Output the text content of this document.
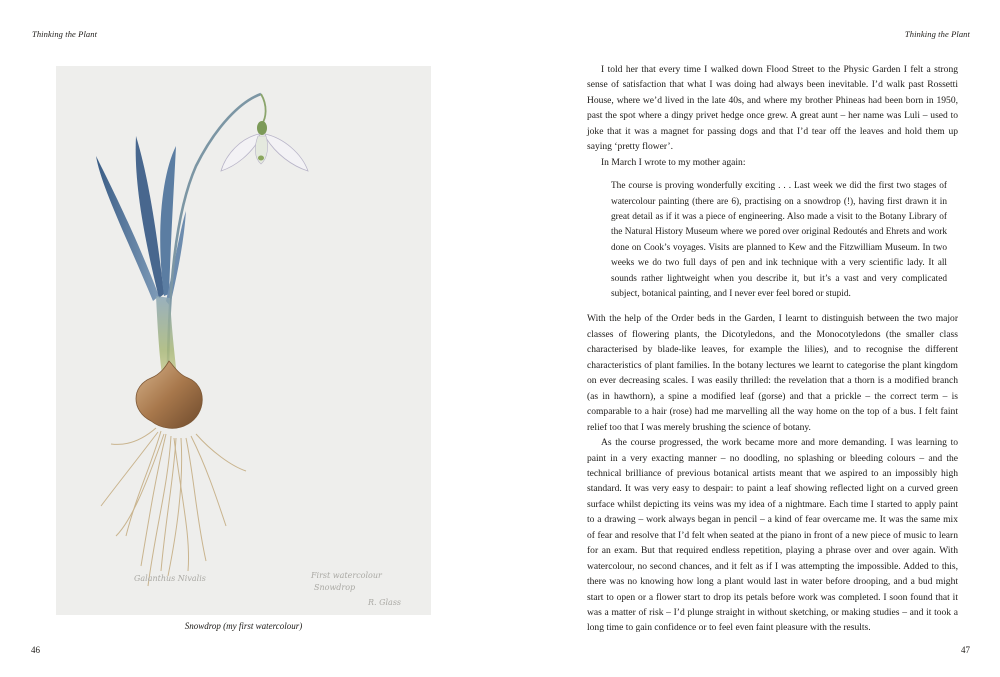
Thinking the Plant
Galanthus Nivalis	First watercolour
Snowdrop
R. Glass
Snowdrop (my first watercolour)
46
Thinking the Plant

I told her that every time I walked down Flood Street to the Physic Garden I felt a strong sense of satisfaction that what I was doing had always been inevitable. I’d walk past Rossetti House, where we’d lived in the late 40s, and where my brother Phineas had been born in 1950, past the spot where a dingy privet hedge once grew. A great aunt – her name was Luli – used to joke that it was a magnet for passing dogs and that I’d tear off the leaves and hold them up saying ‘pretty flower’.

In March I wrote to my mother again:

The course is proving wonderfully exciting . . . Last week we did the first two stages of watercolour painting (there are 6), practising on a snowdrop (!), having first drawn it in great detail as if it was a piece of engineering. Also made a visit to the Botany Library of the Natural History Museum where we pored over original Redoutés and Ehrets and work done on Cook’s voyages. Visits are planned to Kew and the Fitzwilliam Museum. In two weeks we do two full days of pen and ink technique with a very scientific lady. It all sounds rather lightweight when you describe it, but it’s a vast and very complicated subject, botanical painting, and I never ever feel bored or stupid.

With the help of the Order beds in the Garden, I learnt to distinguish between the two major classes of flowering plants, the Dicotyledons, and the Monocotyledons (the smaller class characterised by blade-like leaves, for example the lilies), and to recognise the different characteristics of plant families. In the botany lectures we learnt to categorise the plant kingdom on ever decreasing scales. I was easily thrilled: the revelation that a thorn is a modified branch (as in hawthorn), a spine a modified leaf (gorse) and that a prickle – the correct term – is comparable to a hair (rose) had me marvelling all the way home on the top of a bus. I felt faint relief too that I was merely brushing the science of botany.

As the course progressed, the work became more and more demanding. I was learning to paint in a very exacting manner – no doodling, no splashing or bleeding colours – and the technical brilliance of previous botanical artists meant that we aspired to an impossibly high standard. It was very easy to despair: to paint a leaf showing reflected light on a curved green surface whilst depicting its veins was my idea of a nightmare. Each time I started to apply paint to a drawing – work always began in pencil – a kind of fear overcame me. It was the same mix of fear and resolve that I’d felt when seated at the piano in front of a new piece of music to learn for an exam. But that required endless repetition, playing a phrase over and over again. With watercolour, no second chances, and it felt as if I was attempting the impossible. Added to this, there was no knowing how long a plant would last in water before drooping, and a bud might start to open or a flower start to drop its petals before work was completed. I soon found that it was a matter of risk – I’d plunge straight in without sketching, or making studies – and it took a long time to gain confidence or to feel even faint pleasure with the results.

47
